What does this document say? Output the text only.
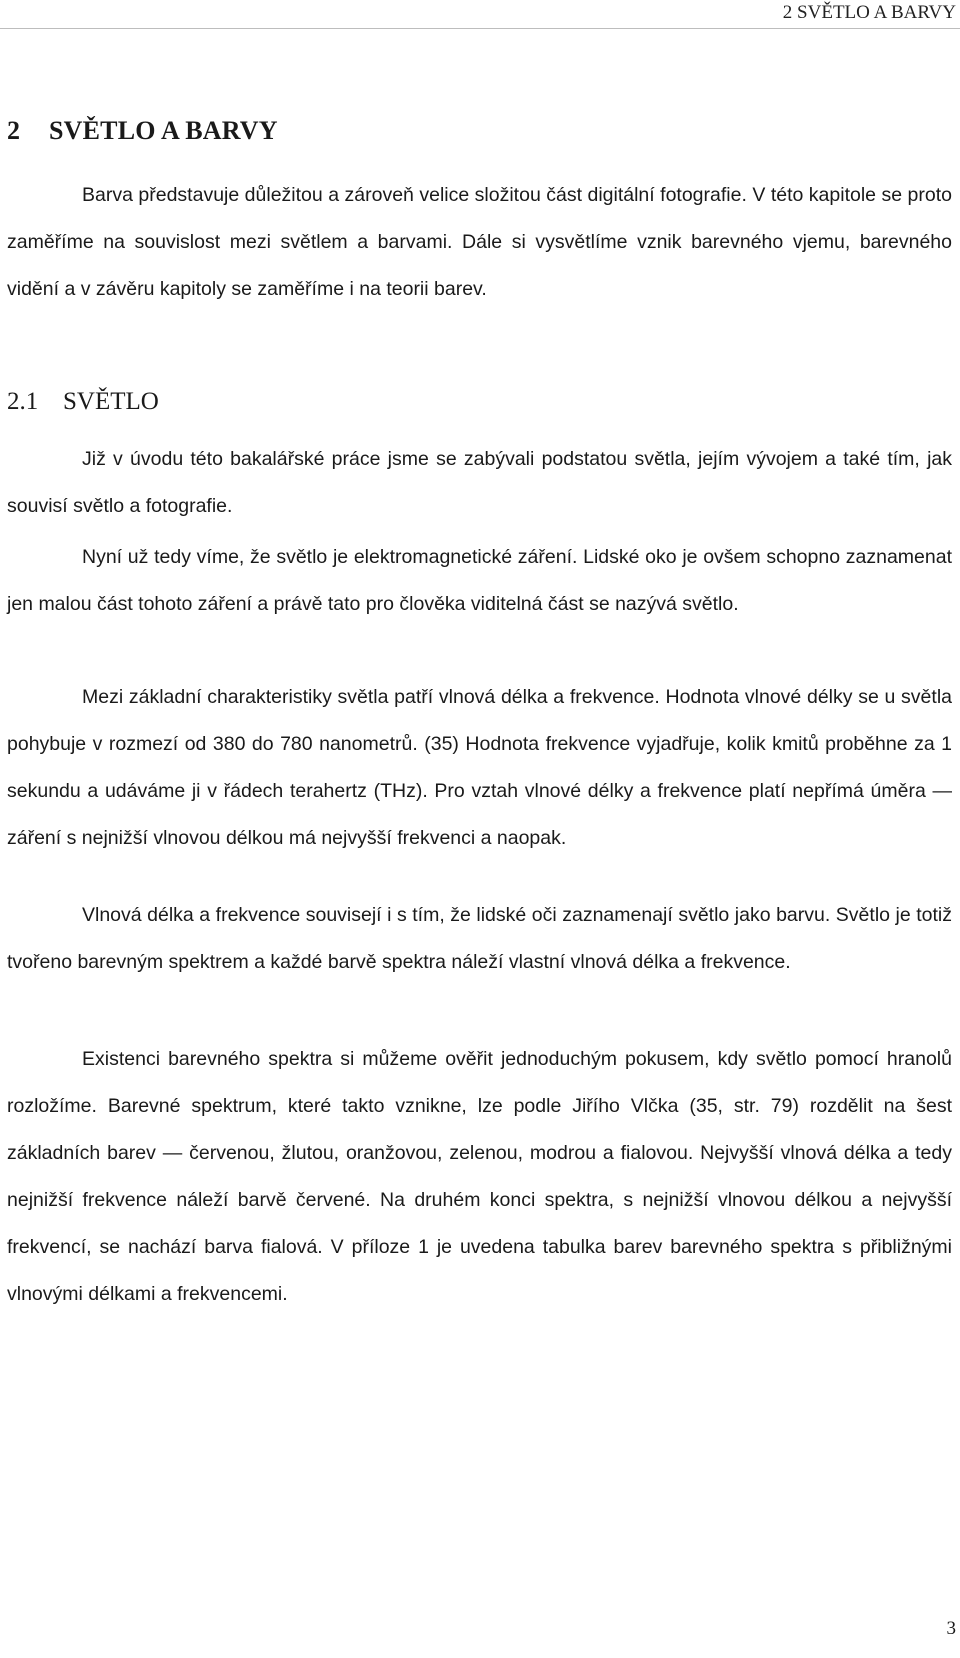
2 SVĚTLO A BARVY
2 SVĚTLO A BARVY

Barva představuje důležitou a zároveň velice složitou část digitální fotografie. V této kapitole se proto zaměříme na souvislost mezi světlem a barvami. Dále si vysvětlíme vznik barevného vjemu, barevného vidění a v závěru kapitoly se zaměříme i na teorii barev.

2.1 SVĚTLO

Již v úvodu této bakalářské práce jsme se zabývali podstatou světla, jejím vývojem a také tím, jak souvisí světlo a fotografie.

Nyní už tedy víme, že světlo je elektromagnetické záření. Lidské oko je ovšem schopno zaznamenat jen malou část tohoto záření a právě tato pro člověka viditelná část se nazývá světlo.

Mezi základní charakteristiky světla patří vlnová délka a frekvence. Hodnota vlnové délky se u světla pohybuje v rozmezí od 380 do 780 nanometrů. (35) Hodnota frekvence vyjadřuje, kolik kmitů proběhne za 1 sekundu a udáváme ji v řádech terahertz (THz). Pro vztah vlnové délky a frekvence platí nepřímá úměra — záření s nejnižší vlnovou délkou má nejvyšší frekvenci a naopak.

Vlnová délka a frekvence souvisejí i s tím, že lidské oči zaznamenají světlo jako barvu. Světlo je totiž tvořeno barevným spektrem a každé barvě spektra náleží vlastní vlnová délka a frekvence.

Existenci barevného spektra si můžeme ověřit jednoduchým pokusem, kdy světlo pomocí hranolů rozložíme. Barevné spektrum, které takto vznikne, lze podle Jiřího Vlčka (35, str. 79) rozdělit na šest základních barev — červenou, žlutou, oranžovou, zelenou, modrou a fialovou. Nejvyšší vlnová délka a tedy nejnižší frekvence náleží barvě červené. Na druhém konci spektra, s nejnižší vlnovou délkou a nejvyšší frekvencí, se nachází barva fialová. V příloze 1 je uvedena tabulka barev barevného spektra s přibližnými vlnovými délkami a frekvencemi.

3
